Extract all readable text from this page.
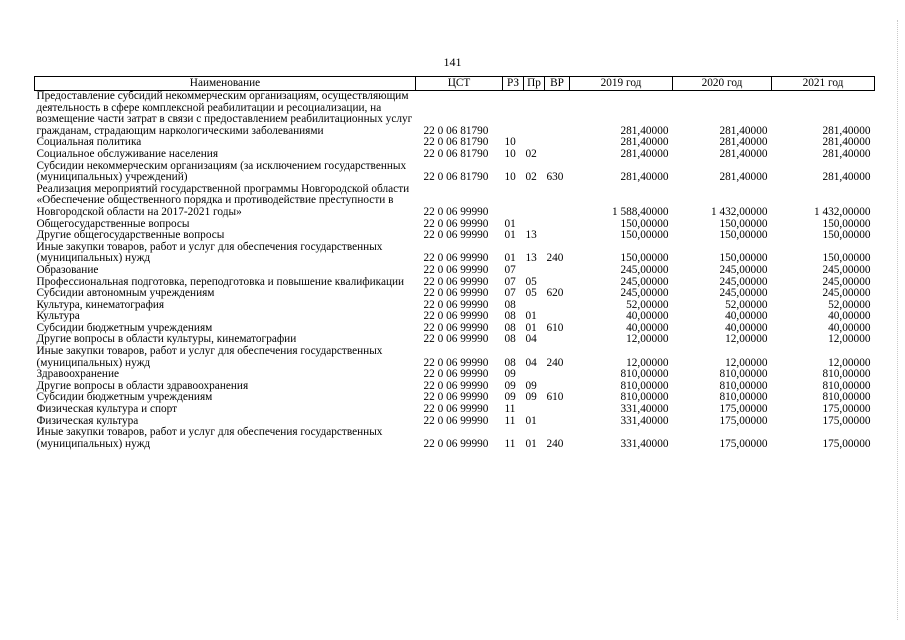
141
Наименование	ЦСТ	РЗ	Пр	ВР	2019 год	2020 год	2021 год
Предоставление субсидий некоммерческим организациям, осуществляющим деятельность в сфере комплексной реабилитации и ресоциализации, на возмещение части затрат в связи с предоставлением реабилитационных услуг гражданам, страдающим наркологическими заболеваниями	22 0 06 81790				281,40000	281,40000	281,40000
Социальная политика	22 0 06 81790	10			281,40000	281,40000	281,40000
Социальное обслуживание населения	22 0 06 81790	10	02		281,40000	281,40000	281,40000
Субсидии некоммерческим организациям (за исключением государственных (муниципальных) учреждений)	22 0 06 81790	10	02	630	281,40000	281,40000	281,40000
Реализация мероприятий государственной программы Новгородской области «Обеспечение общественного порядка и противодействие преступности в Новгородской области на 2017-2021 годы»	22 0 06 99990				1 588,40000	1 432,00000	1 432,00000
Общегосударственные вопросы	22 0 06 99990	01			150,00000	150,00000	150,00000
Другие общегосударственные вопросы	22 0 06 99990	01	13		150,00000	150,00000	150,00000
Иные закупки товаров, работ и услуг для обеспечения государственных (муниципальных) нужд	22 0 06 99990	01	13	240	150,00000	150,00000	150,00000
Образование	22 0 06 99990	07			245,00000	245,00000	245,00000
Профессиональная подготовка, переподготовка и повышение квалификации	22 0 06 99990	07	05		245,00000	245,00000	245,00000
Субсидии автономным учреждениям	22 0 06 99990	07	05	620	245,00000	245,00000	245,00000
Культура, кинематография	22 0 06 99990	08			52,00000	52,00000	52,00000
Культура	22 0 06 99990	08	01		40,00000	40,00000	40,00000
Субсидии бюджетным учреждениям	22 0 06 99990	08	01	610	40,00000	40,00000	40,00000
Другие вопросы в области культуры, кинематографии	22 0 06 99990	08	04		12,00000	12,00000	12,00000
Иные закупки товаров, работ и услуг для обеспечения государственных (муниципальных) нужд	22 0 06 99990	08	04	240	12,00000	12,00000	12,00000
Здравоохранение	22 0 06 99990	09			810,00000	810,00000	810,00000
Другие вопросы в области здравоохранения	22 0 06 99990	09	09		810,00000	810,00000	810,00000
Субсидии бюджетным учреждениям	22 0 06 99990	09	09	610	810,00000	810,00000	810,00000
Физическая культура и спорт	22 0 06 99990	11			331,40000	175,00000	175,00000
Физическая культура	22 0 06 99990	11	01		331,40000	175,00000	175,00000
Иные закупки товаров, работ и услуг для обеспечения государственных (муниципальных) нужд	22 0 06 99990	11	01	240	331,40000	175,00000	175,00000
